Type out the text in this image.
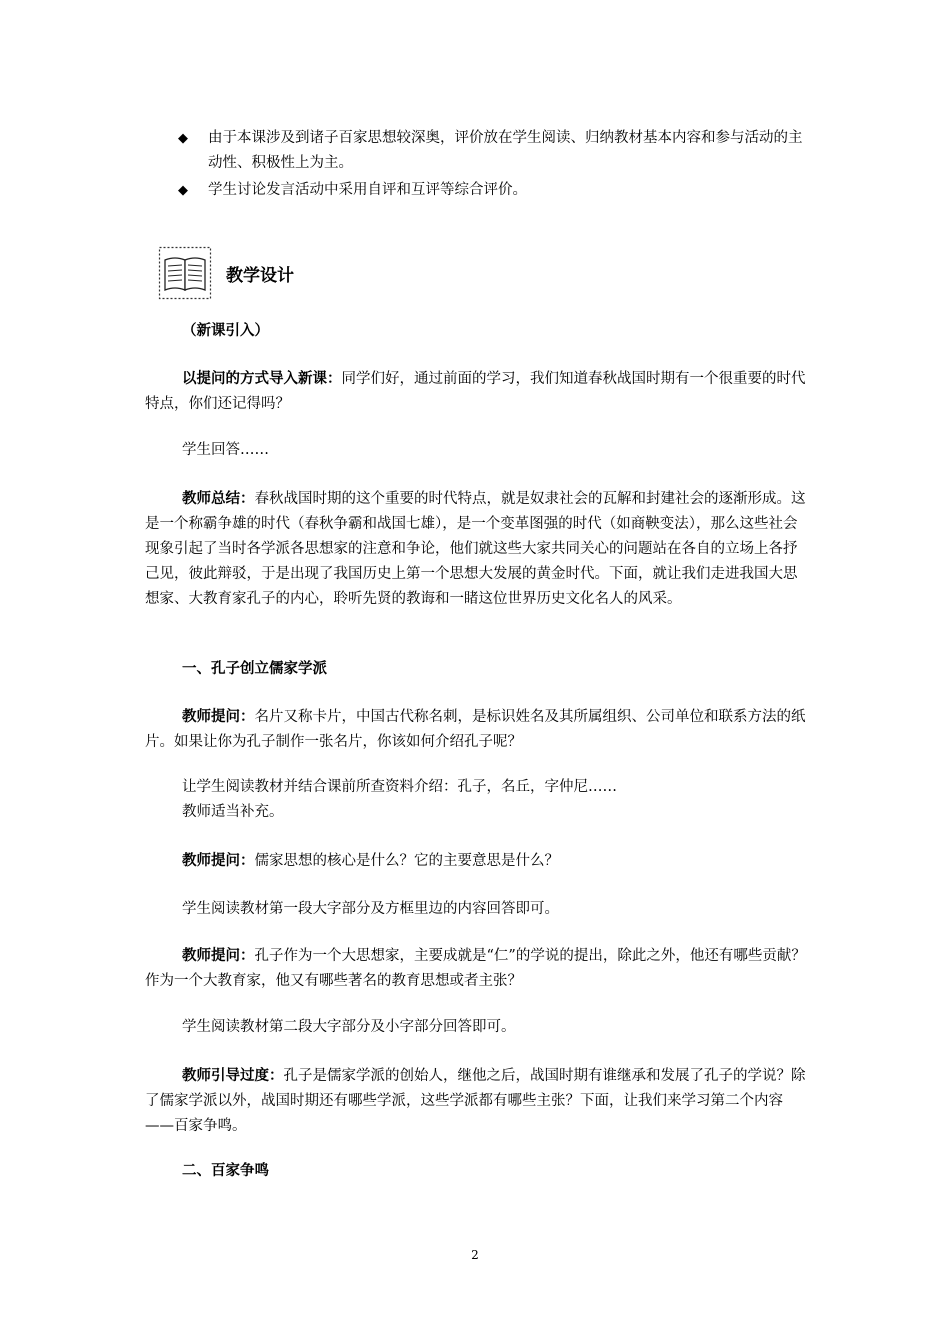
◆	由于本课涉及到诸子百家思想较深奥，评价放在学生阅读、归纳教材基本内容和参与活动的主动性、积极性上为主。
◆	学生讨论发言活动中采用自评和互评等综合评价。
教学设计
（新课引入）
以提问的方式导入新课：同学们好，通过前面的学习，我们知道春秋战国时期有一个很重要的时代特点，你们还记得吗？
学生回答……
教师总结：春秋战国时期的这个重要的时代特点，就是奴隶社会的瓦解和封建社会的逐渐形成。这是一个称霸争雄的时代（春秋争霸和战国七雄），是一个变革图强的时代（如商鞅变法），那么这些社会现象引起了当时各学派各思想家的注意和争论，他们就这些大家共同关心的问题站在各自的立场上各抒己见，彼此辩驳，于是出现了我国历史上第一个思想大发展的黄金时代。下面，就让我们走进我国大思想家、大教育家孔子的内心，聆听先贤的教诲和一睹这位世界历史文化名人的风采。
一、孔子创立儒家学派
教师提问：名片又称卡片，中国古代称名刺，是标识姓名及其所属组织、公司单位和联系方法的纸片。如果让你为孔子制作一张名片，你该如何介绍孔子呢？
让学生阅读教材并结合课前所查资料介绍：孔子，名丘，字仲尼……
教师适当补充。
教师提问：儒家思想的核心是什么？它的主要意思是什么？
学生阅读教材第一段大字部分及方框里边的内容回答即可。
教师提问：孔子作为一个大思想家，主要成就是“仁”的学说的提出，除此之外，他还有哪些贡献？作为一个大教育家，他又有哪些著名的教育思想或者主张？
学生阅读教材第二段大字部分及小字部分回答即可。
教师引导过度：孔子是儒家学派的创始人，继他之后，战国时期有谁继承和发展了孔子的学说？除了儒家学派以外，战国时期还有哪些学派，这些学派都有哪些主张？下面，让我们来学习第二个内容——百家争鸣。
二、百家争鸣
2
